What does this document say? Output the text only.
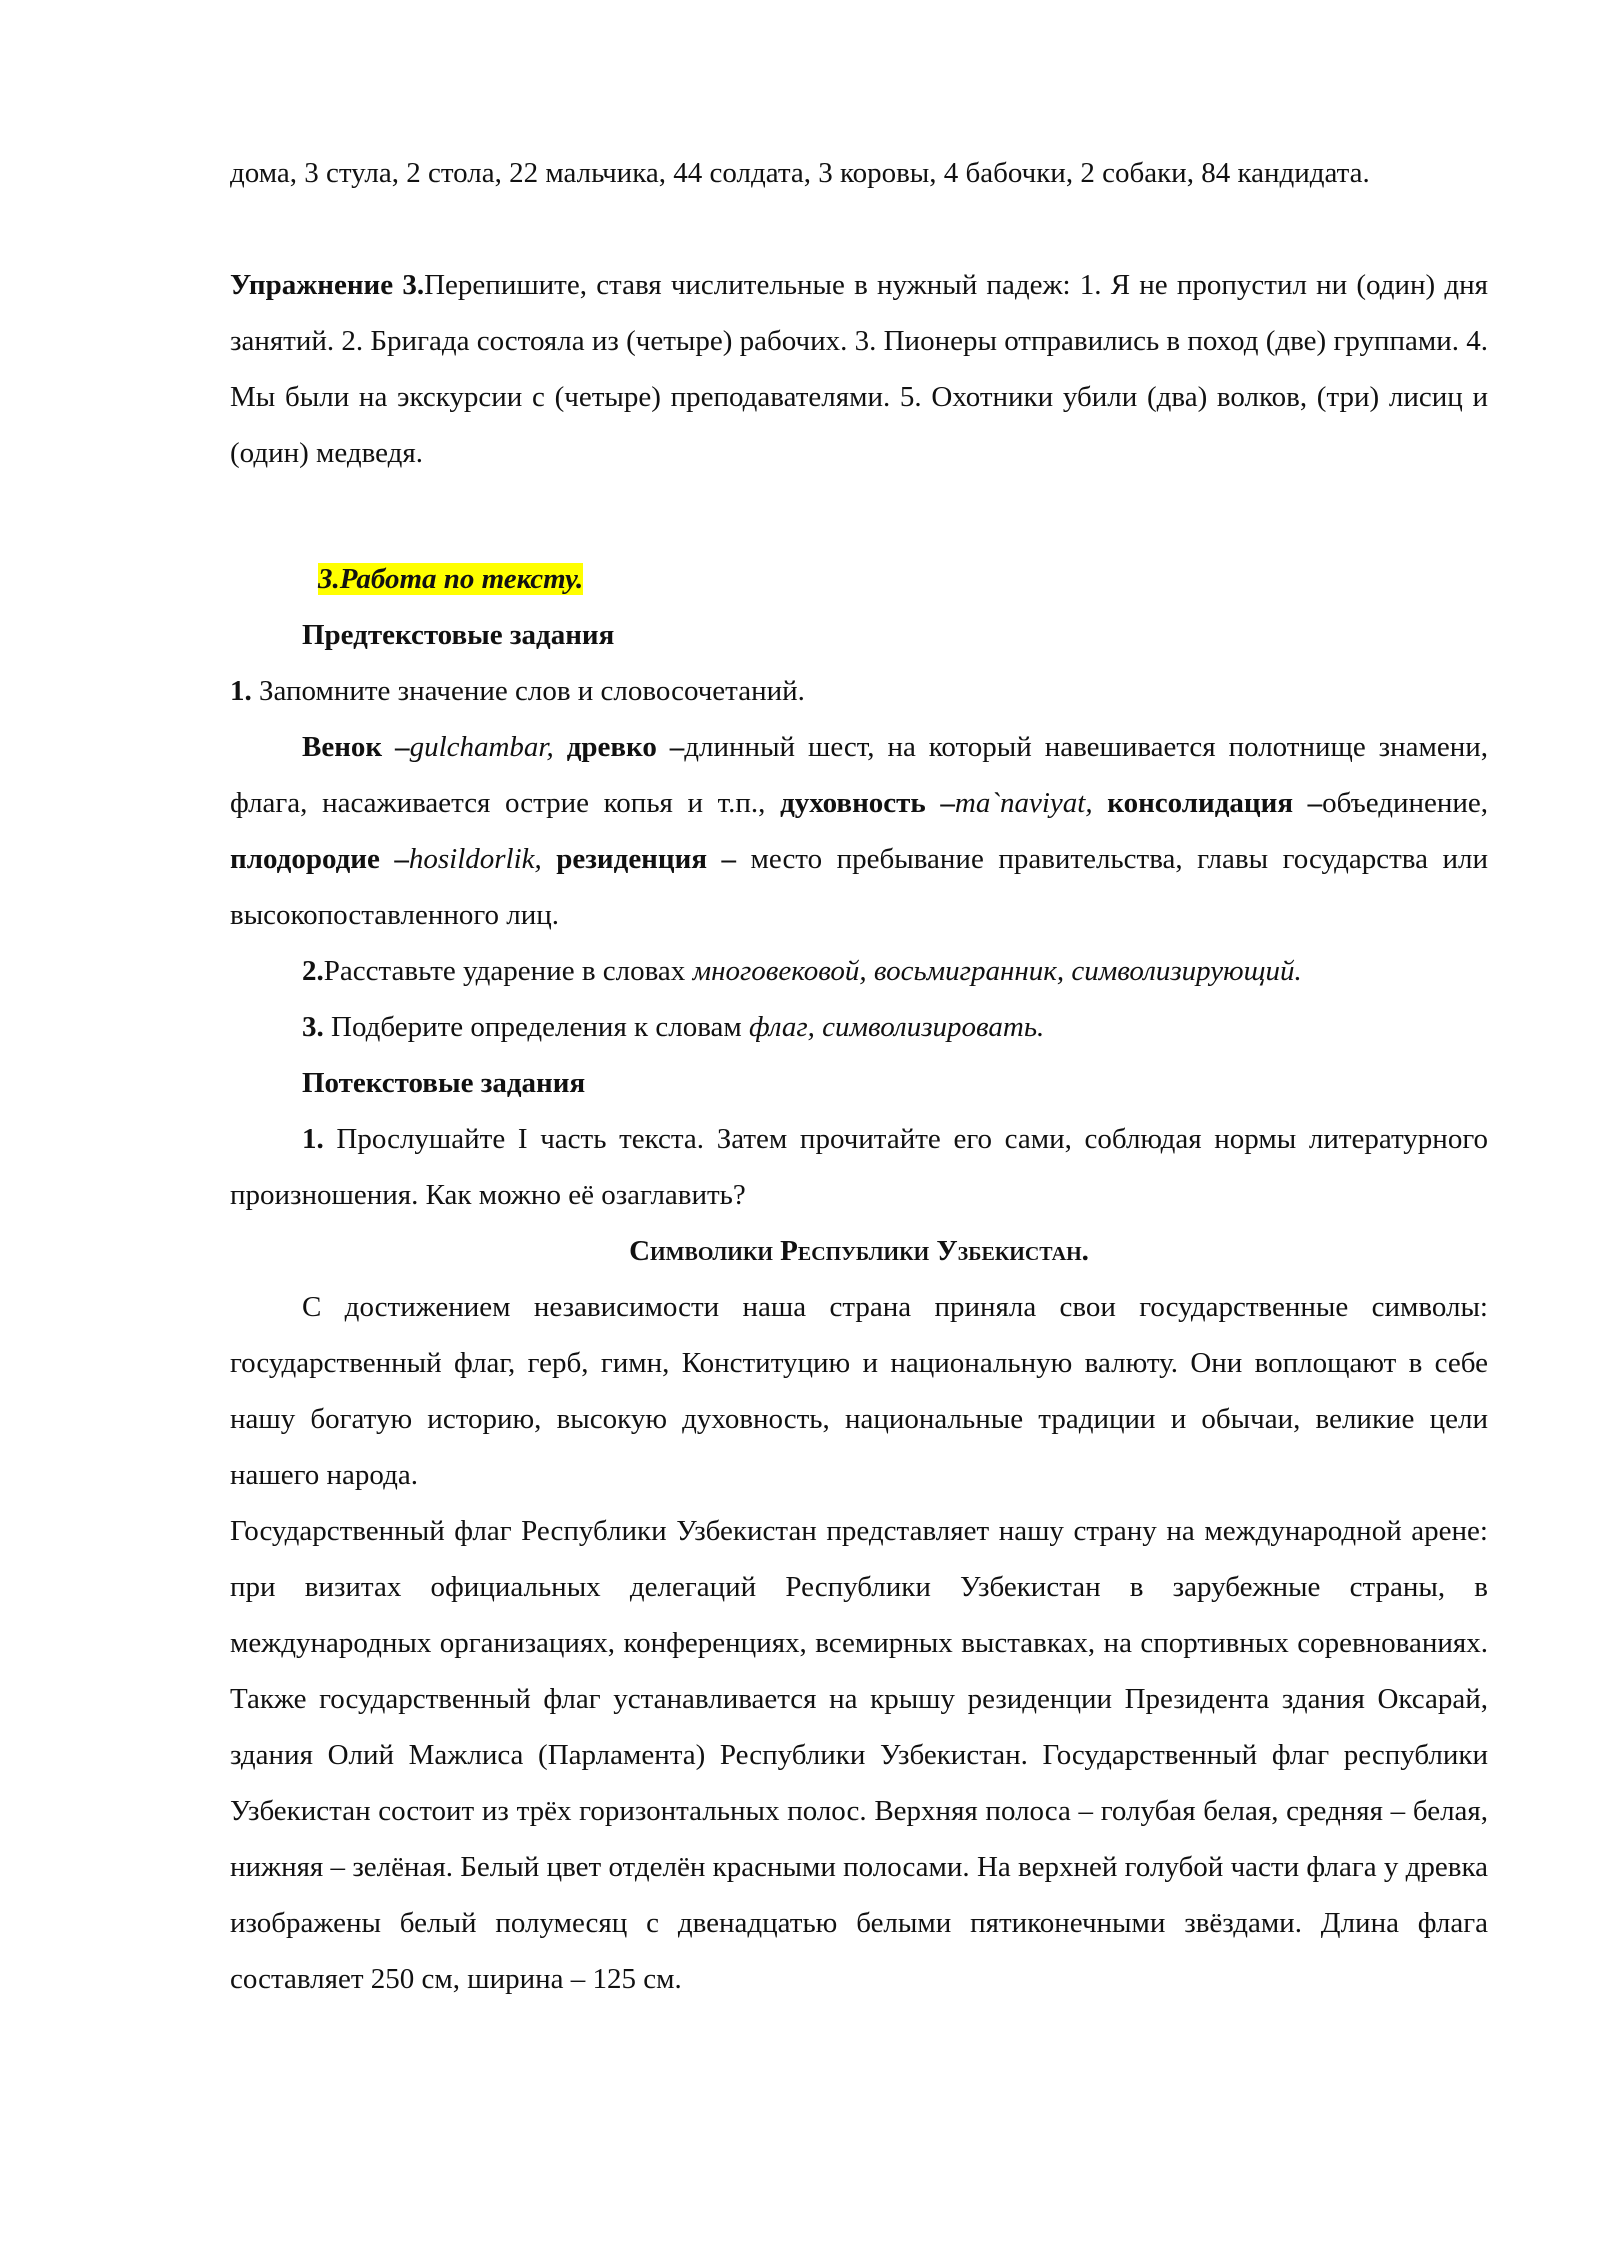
дома, 3 стула, 2 стола, 22 мальчика, 44 солдата, 3 коровы, 4 бабочки, 2 собаки, 84 кандидата.

Упражнение 3.Перепишите, ставя числительные в нужный падеж: 1. Я не пропустил ни (один) дня занятий. 2. Бригада состояла из (четыре) рабочих. 3. Пионеры отправились в поход (две) группами. 4. Мы были на экскурсии с (четыре) преподавателями. 5. Охотники убили (два) волков, (три) лисиц и (один) медведя.

3.Работа по тексту.

Предтекстовые задания

1. Запомните значение слов и словосочетаний.

Венок –gulchambar, древко –длинный шест, на который навешивается полотнище знамени, флага, насаживается острие копья и т.п., духовность –ma`naviyat, консолидация –объединение, плодородие –hosildorlik, резиденция – место пребывание правительства, главы государства или высокопоставленного лиц.

2.Расставьте ударение в словах многовековой, восьмигранник, символизирующий.

3. Подберите определения к словам флаг, символизировать.

Потекстовые задания

1. Прослушайте I часть текста. Затем прочитайте его сами, соблюдая нормы литературного произношения. Как можно её озаглавить?

Символики Республики Узбекистан.

С достижением независимости наша страна приняла свои государственные символы: государственный флаг, герб, гимн, Конституцию и национальную валюту. Они воплощают в себе нашу богатую историю, высокую духовность, национальные традиции и обычаи, великие цели нашего народа.

Государственный флаг Республики Узбекистан представляет нашу страну на международной арене: при визитах официальных делегаций Республики Узбекистан в зарубежные страны, в международных организациях, конференциях, всемирных выставках, на спортивных соревнованиях. Также государственный флаг устанавливается на крышу резиденции Президента здания Оксарай, здания Олий Мажлиса (Парламента) Республики Узбекистан. Государственный флаг республики Узбекистан состоит из трёх горизонтальных полос. Верхняя полоса – голубая белая, средняя – белая, нижняя – зелёная. Белый цвет отделён красными полосами. На верхней голубой части флага у древка изображены белый полумесяц с двенадцатью белыми пятиконечными звёздами. Длина флага составляет 250 см, ширина – 125 см.
